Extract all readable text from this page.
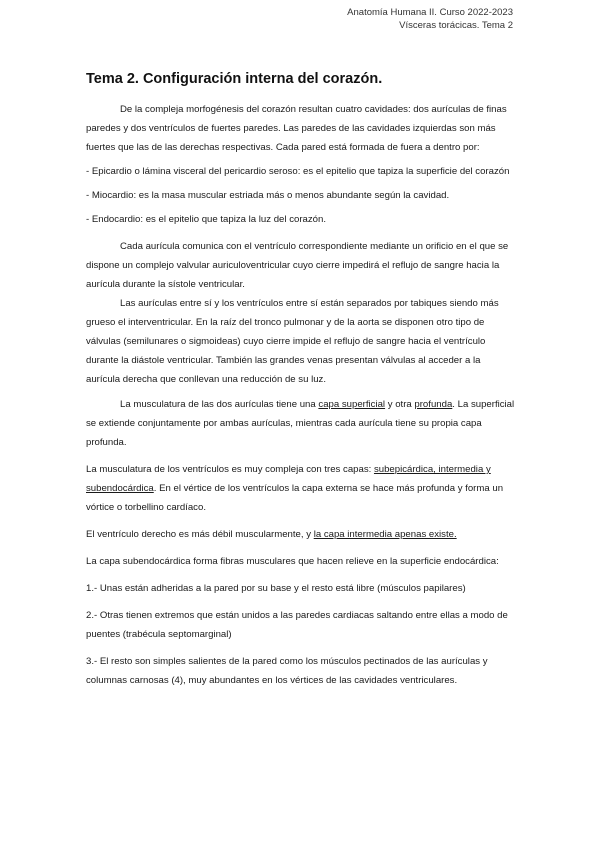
Anatomía Humana II. Curso 2022-2023
Vísceras torácicas. Tema 2
Tema 2. Configuración interna del corazón.

De la compleja morfogénesis del corazón resultan cuatro cavidades: dos aurículas de finas paredes y dos ventrículos de fuertes paredes. Las paredes de las cavidades izquierdas son más fuertes que las de las derechas respectivas. Cada pared está formada de fuera a dentro por:

- Epicardio o lámina visceral del pericardio seroso: es el epitelio que tapiza la superficie del corazón

- Miocardio: es la masa muscular estriada más o menos abundante según la cavidad.

- Endocardio: es el epitelio que tapiza la luz del corazón.

Cada aurícula comunica con el ventrículo correspondiente mediante un orificio en el que se dispone un complejo valvular auriculoventricular cuyo cierre impedirá el reflujo de sangre hacia la aurícula durante la sístole ventricular.

Las aurículas entre sí y los ventrículos entre sí están separados por tabiques siendo más grueso el interventricular. En la raíz del tronco pulmonar y de la aorta se disponen otro tipo de válvulas (semilunares o sigmoideas) cuyo cierre impide el reflujo de sangre hacia el ventrículo durante la diástole ventricular. También las grandes venas presentan válvulas al acceder a la aurícula derecha que conllevan una reducción de su luz.

La musculatura de las dos aurículas tiene una capa superficial y otra profunda. La superficial se extiende conjuntamente por ambas aurículas, mientras cada aurícula tiene su propia capa profunda.

La musculatura de los ventrículos es muy compleja con tres capas: subepicárdica, intermedia y subendocárdica. En el vértice de los ventrículos la capa externa se hace más profunda y forma un vórtice o torbellino cardíaco.

El ventrículo derecho es más débil muscularmente, y la capa intermedia apenas existe.

La capa subendocárdica forma fibras musculares que hacen relieve en la superficie endocárdica:

1.- Unas están adheridas a la pared por su base y el resto está libre (músculos papilares)

2.- Otras tienen extremos que están unidos a las paredes cardiacas saltando entre ellas a modo de puentes (trabécula septomarginal)

3.- El resto son simples salientes de la pared como los músculos pectinados de las aurículas y columnas carnosas (4), muy abundantes en los vértices de las cavidades ventriculares.
